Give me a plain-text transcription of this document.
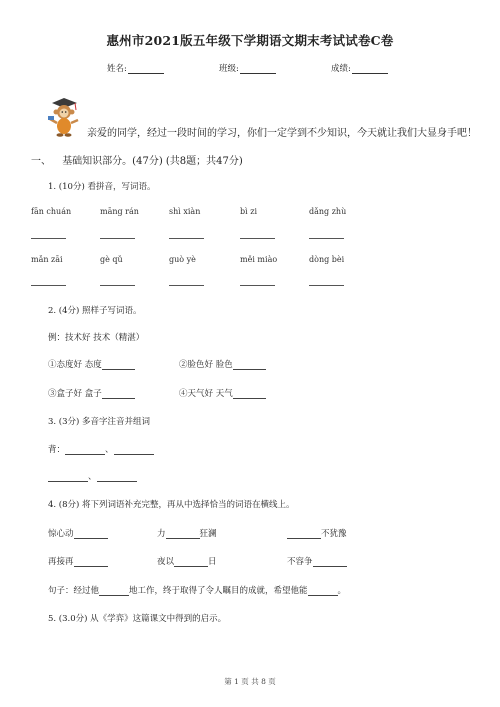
惠州市2021版五年级下学期语文期末考试试卷C卷
姓名:	班级:	成绩:
亲爱的同学，经过一段时间的学习，你们一定学到不少知识，今天就让我们大显身手吧！
一、 基础知识部分。(47分) (共8题；共47分)
1. (10分) 看拼音，写词语。
fān chuán	māng rán	shì xiàn	bì zi	dǎng zhù
mǎn zāi	gè qǔ	guò yè	měi miào	dòng bèi
2. (4分) 照样子写词语。
例：技术好 技术（精湛）
①态度好 态度	②脸色好 脸色
③盒子好 盒子	④天气好 天气
3. (3分) 多音字注音并组词
背：	、
、
4. (8分) 将下列词语补充完整，再从中选择恰当的词语在横线上。
惊心动	力	狂澜	不犹豫
再接再	夜以	日	不容争
句子：经过他	地工作，终于取得了令人瞩目的成就，希望他能	。
5. (3.0分) 从《学弈》这篇课文中得到的启示。
第 1 页 共 8 页
